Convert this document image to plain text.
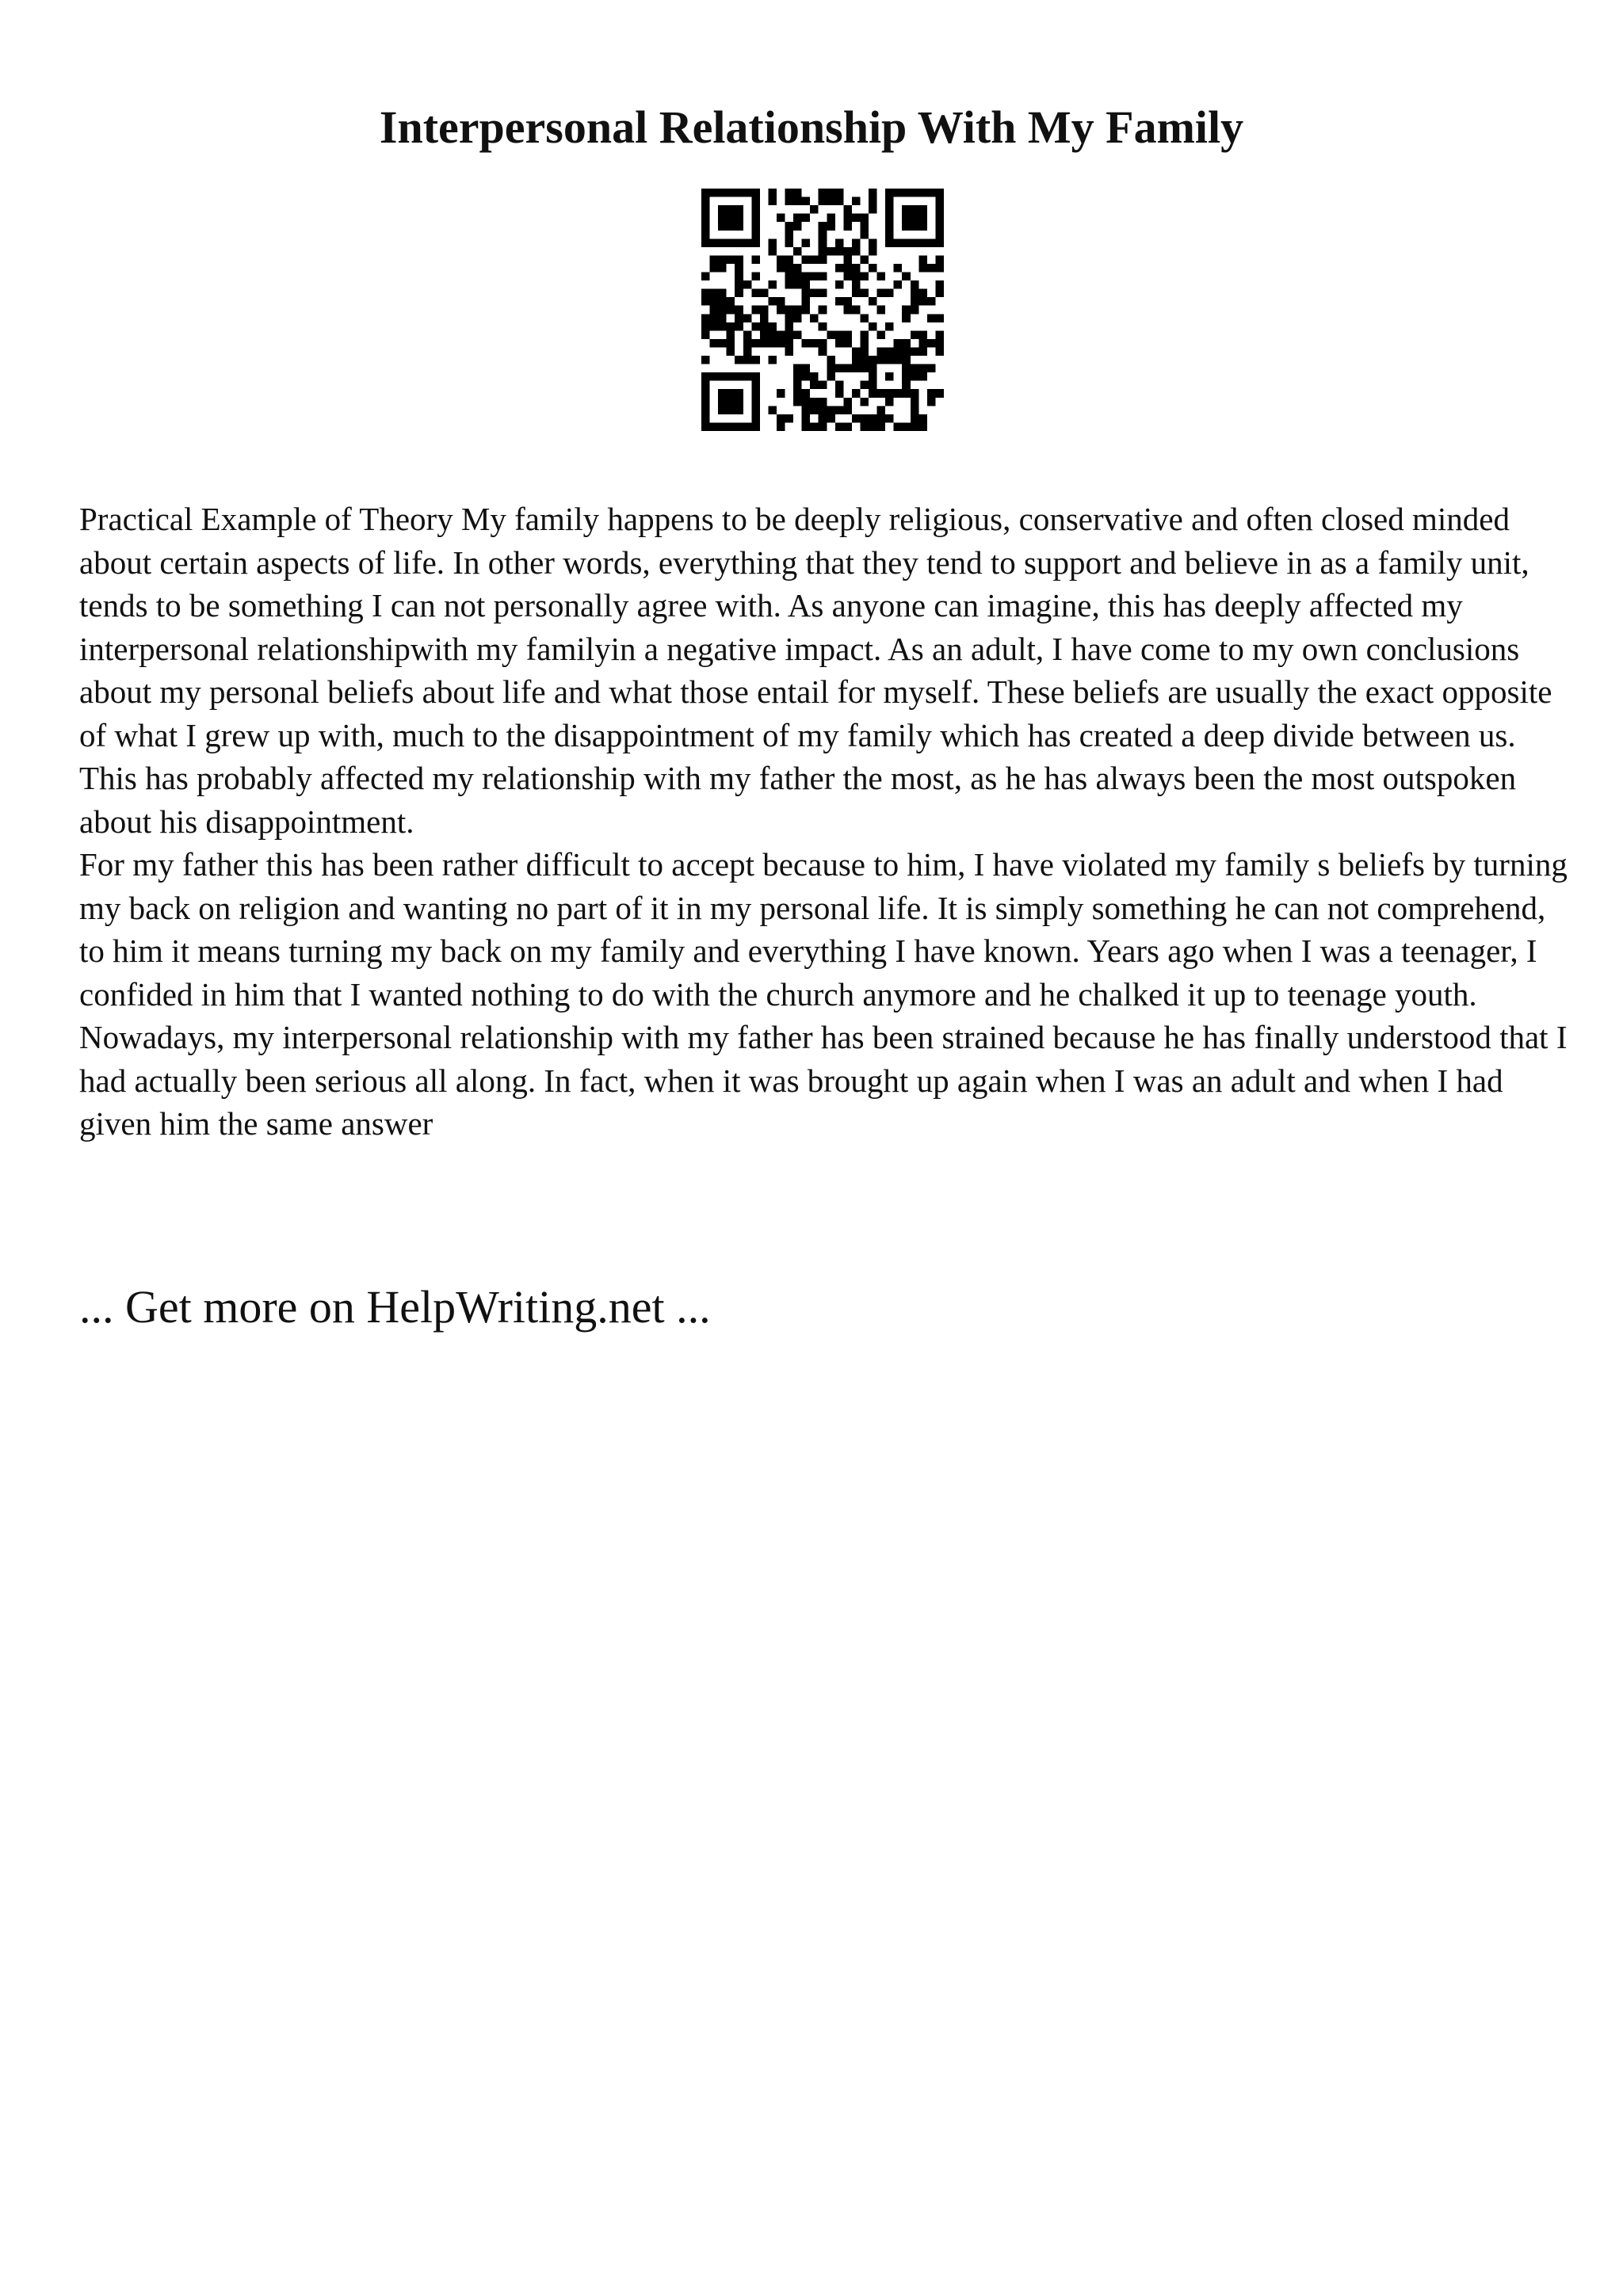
Interpersonal Relationship With My Family

Practical Example of Theory My family happens to be deeply religious, conservative and often closed minded about certain aspects of life. In other words, everything that they tend to support and believe in as a family unit, tends to be something I can not personally agree with. As anyone can imagine, this has deeply affected my interpersonal relationshipwith my familyin a negative impact. As an adult, I have come to my own conclusions about my personal beliefs about life and what those entail for myself. These beliefs are usually the exact opposite of what I grew up with, much to the disappointment of my family which has created a deep divide between us. This has probably affected my relationship with my father the most, as he has always been the most outspoken about his disappointment.

For my father this has been rather difficult to accept because to him, I have violated my family s beliefs by turning my back on religion and wanting no part of it in my personal life. It is simply something he can not comprehend, to him it means turning my back on my family and everything I have known. Years ago when I was a teenager, I confided in him that I wanted nothing to do with the church anymore and he chalked it up to teenage youth. Nowadays, my interpersonal relationship with my father has been strained because he has finally understood that I had actually been serious all along. In fact, when it was brought up again when I was an adult and when I had given him the same answer

... Get more on HelpWriting.net ...
